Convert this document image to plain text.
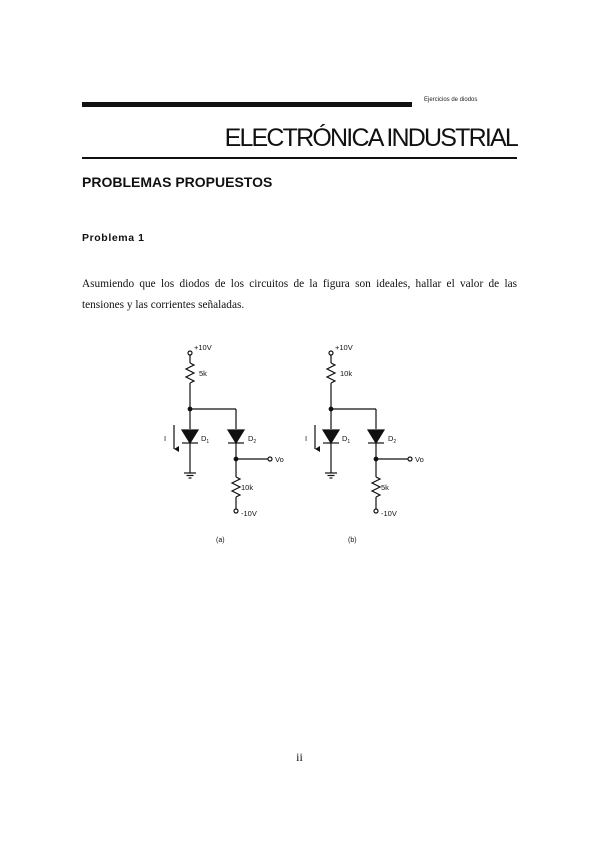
Ejercicios de diodos
ELECTRÓNICA INDUSTRIAL
PROBLEMAS PROPUESTOS
Problema 1
Asumiendo que los diodos de los circuitos de la figura son ideales, hallar el valor de las tensiones y las corrientes señaladas.
+10V
5k
I	$D_1$	$D_2$
Vo
10k
-10V
(a)
+10V
10k
I	$D_1$	$D_2$
Vo
5k
-10V
(b)
ii
